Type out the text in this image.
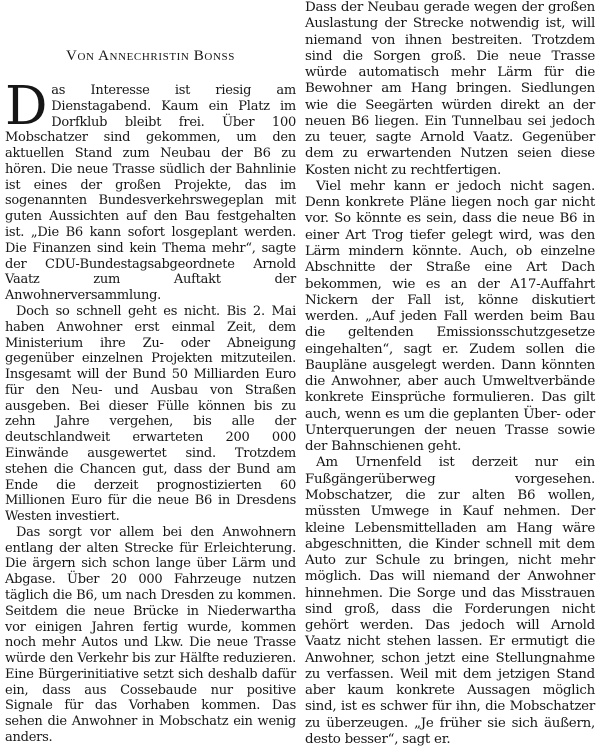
Von Annechristin Bonss

Das Interesse ist riesig am Dienstagabend. Kaum ein Platz im Dorfklub bleibt frei. Über 100 Mobschatzer sind gekommen, um den aktuellen Stand zum Neubau der B6 zu hören. Die neue Trasse südlich der Bahnlinie ist eines der großen Projekte, das im sogenannten Bundesverkehrswegeplan mit guten Aussichten auf den Bau festgehalten ist. „Die B6 kann sofort losgeplant werden. Die Finanzen sind kein Thema mehr“, sagte der CDU-Bundestagsabgeordnete Arnold Vaatz zum Auftakt der Anwohnerversammlung.

Doch so schnell geht es nicht. Bis 2. Mai haben Anwohner erst einmal Zeit, dem Ministerium ihre Zu- oder Abneigung gegenüber einzelnen Projekten mitzuteilen. Insgesamt will der Bund 50 Milliarden Euro für den Neu- und Ausbau von Straßen ausgeben. Bei dieser Fülle können bis zu zehn Jahre vergehen, bis alle der deutschlandweit erwarteten 200 000 Einwände ausgewertet sind. Trotzdem stehen die Chancen gut, dass der Bund am Ende die derzeit prognostizierten 60 Millionen Euro für die neue B6 in Dresdens Westen investiert.

Das sorgt vor allem bei den Anwohnern entlang der alten Strecke für Erleichterung. Die ärgern sich schon lange über Lärm und Abgase. Über 20 000 Fahrzeuge nutzen täglich die B6, um nach Dresden zu kommen. Seitdem die neue Brücke in Niederwartha vor einigen Jahren fertig wurde, kommen noch mehr Autos und Lkw. Die neue Trasse würde den Verkehr bis zur Hälfte reduzieren. Eine Bürgerinitiative setzt sich deshalb dafür ein, dass aus Cossebaude nur positive Signale für das Vorhaben kommen. Das sehen die Anwohner in Mobschatz ein wenig anders.

Dass der Neubau gerade wegen der großen Auslastung der Strecke notwendig ist, will niemand von ihnen bestreiten. Trotzdem sind die Sorgen groß. Die neue Trasse würde automatisch mehr Lärm für die Bewohner am Hang bringen. Siedlungen wie die Seegärten würden direkt an der neuen B6 liegen. Ein Tunnelbau sei jedoch zu teuer, sagte Arnold Vaatz. Gegenüber dem zu erwartenden Nutzen seien diese Kosten nicht zu rechtfertigen.

Viel mehr kann er jedoch nicht sagen. Denn konkrete Pläne liegen noch gar nicht vor. So könnte es sein, dass die neue B6 in einer Art Trog tiefer gelegt wird, was den Lärm mindern könnte. Auch, ob einzelne Abschnitte der Straße eine Art Dach bekommen, wie es an der A17-Auffahrt Nickern der Fall ist, könne diskutiert werden. „Auf jeden Fall werden beim Bau die geltenden Emissionsschutzgesetze eingehalten“, sagt er. Zudem sollen die Baupläne ausgelegt werden. Dann könnten die Anwohner, aber auch Umweltverbände konkrete Einsprüche formulieren. Das gilt auch, wenn es um die geplanten Über- oder Unterquerungen der neuen Trasse sowie der Bahnschienen geht.

Am Urnenfeld ist derzeit nur ein Fußgängerüberweg vorgesehen. Mobschatzer, die zur alten B6 wollen, müssten Umwege in Kauf nehmen. Der kleine Lebensmittelladen am Hang wäre abgeschnitten, die Kinder schnell mit dem Auto zur Schule zu bringen, nicht mehr möglich. Das will niemand der Anwohner hinnehmen. Die Sorge und das Misstrauen sind groß, dass die Forderungen nicht gehört werden. Das jedoch will Arnold Vaatz nicht stehen lassen. Er ermutigt die Anwohner, schon jetzt eine Stellungnahme zu verfassen. Weil mit dem jetzigen Stand aber kaum konkrete Aussagen möglich sind, ist es schwer für ihn, die Mobschatzer zu überzeugen. „Je früher sie sich äußern, desto besser“, sagt er.
